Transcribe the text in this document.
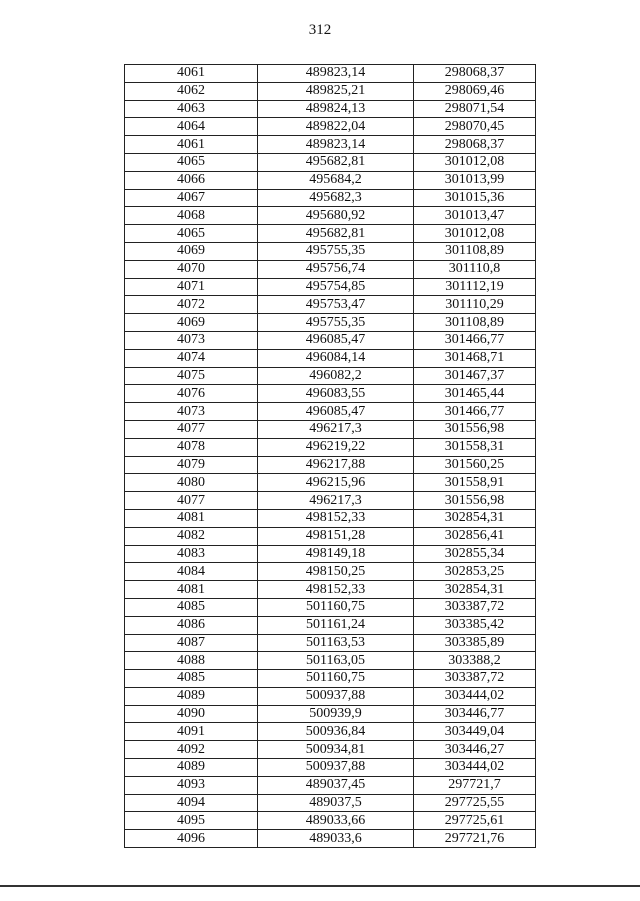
312
4061	489823,14	298068,37
4062	489825,21	298069,46
4063	489824,13	298071,54
4064	489822,04	298070,45
4061	489823,14	298068,37
4065	495682,81	301012,08
4066	495684,2	301013,99
4067	495682,3	301015,36
4068	495680,92	301013,47
4065	495682,81	301012,08
4069	495755,35	301108,89
4070	495756,74	301110,8
4071	495754,85	301112,19
4072	495753,47	301110,29
4069	495755,35	301108,89
4073	496085,47	301466,77
4074	496084,14	301468,71
4075	496082,2	301467,37
4076	496083,55	301465,44
4073	496085,47	301466,77
4077	496217,3	301556,98
4078	496219,22	301558,31
4079	496217,88	301560,25
4080	496215,96	301558,91
4077	496217,3	301556,98
4081	498152,33	302854,31
4082	498151,28	302856,41
4083	498149,18	302855,34
4084	498150,25	302853,25
4081	498152,33	302854,31
4085	501160,75	303387,72
4086	501161,24	303385,42
4087	501163,53	303385,89
4088	501163,05	303388,2
4085	501160,75	303387,72
4089	500937,88	303444,02
4090	500939,9	303446,77
4091	500936,84	303449,04
4092	500934,81	303446,27
4089	500937,88	303444,02
4093	489037,45	297721,7
4094	489037,5	297725,55
4095	489033,66	297725,61
4096	489033,6	297721,76
